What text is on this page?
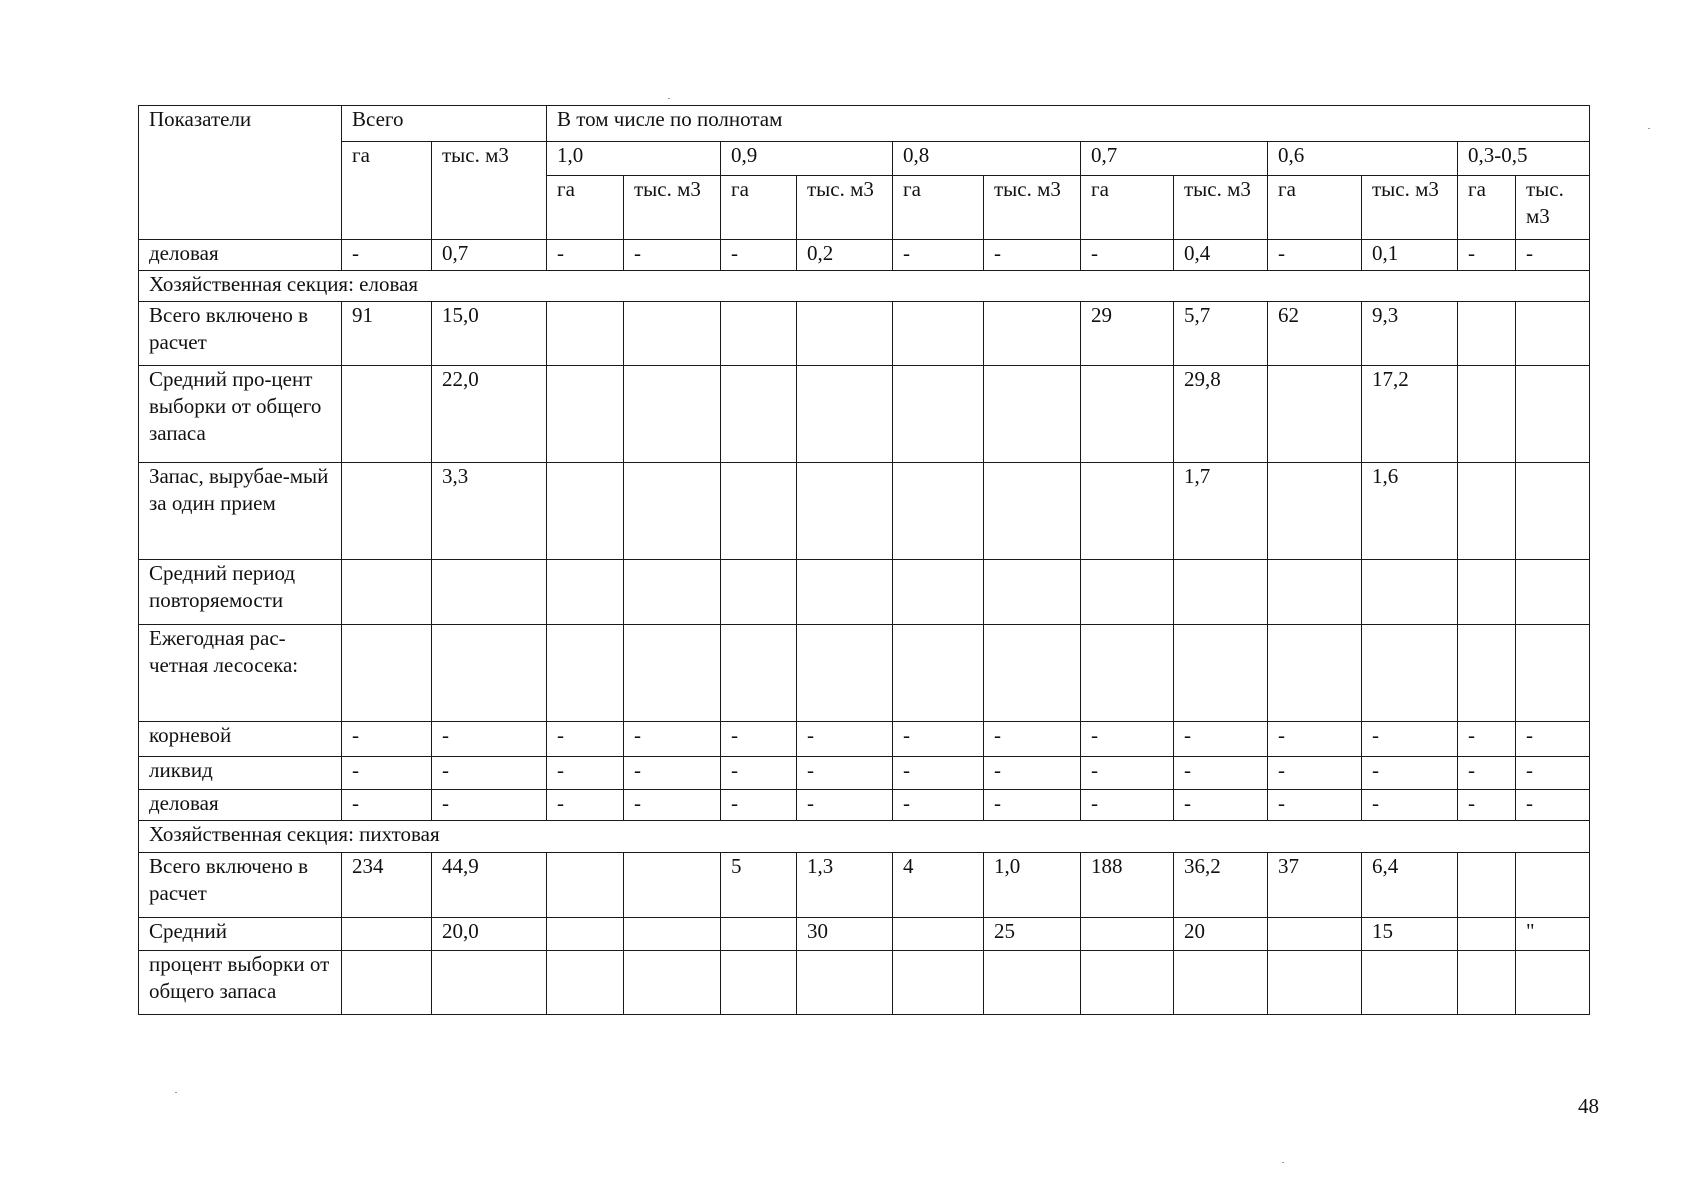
Показатели	Всего		В том числе по полнотам											
	га	тыс. м3	1,0		0,9		0,8		0,7		0,6		0,3-0,5	
			га	тыс. м3	га	тыс. м3	га	тыс. м3	га	тыс. м3	га	тыс. м3	га	тыс. м3
деловая	-	0,7	-	-	-	0,2	-	-	-	0,4	-	0,1	-	-
Хозяйственная секция: еловая														
Всего включено в расчет	91	15,0							29	5,7	62	9,3		
Средний про-цент выборки от общего запаса		22,0								29,8		17,2		
Запас, вырубае-мый за один прием		3,3								1,7		1,6		
Средний период повторяемости														
Ежегодная рас-четная лесосека:														
корневой	-	-	-	-	-	-	-	-	-	-	-	-	-	-
ликвид	-	-	-	-	-	-	-	-	-	-	-	-	-	-
деловая	-	-	-	-	-	-	-	-	-	-	-	-	-	-
Хозяйственная секция: пихтовая														
Всего включено в расчет	234	44,9			5	1,3	4	1,0	188	36,2	37	6,4		
Средний		20,0				30		25		20		15		"
процент выборки от общего запаса														
48
